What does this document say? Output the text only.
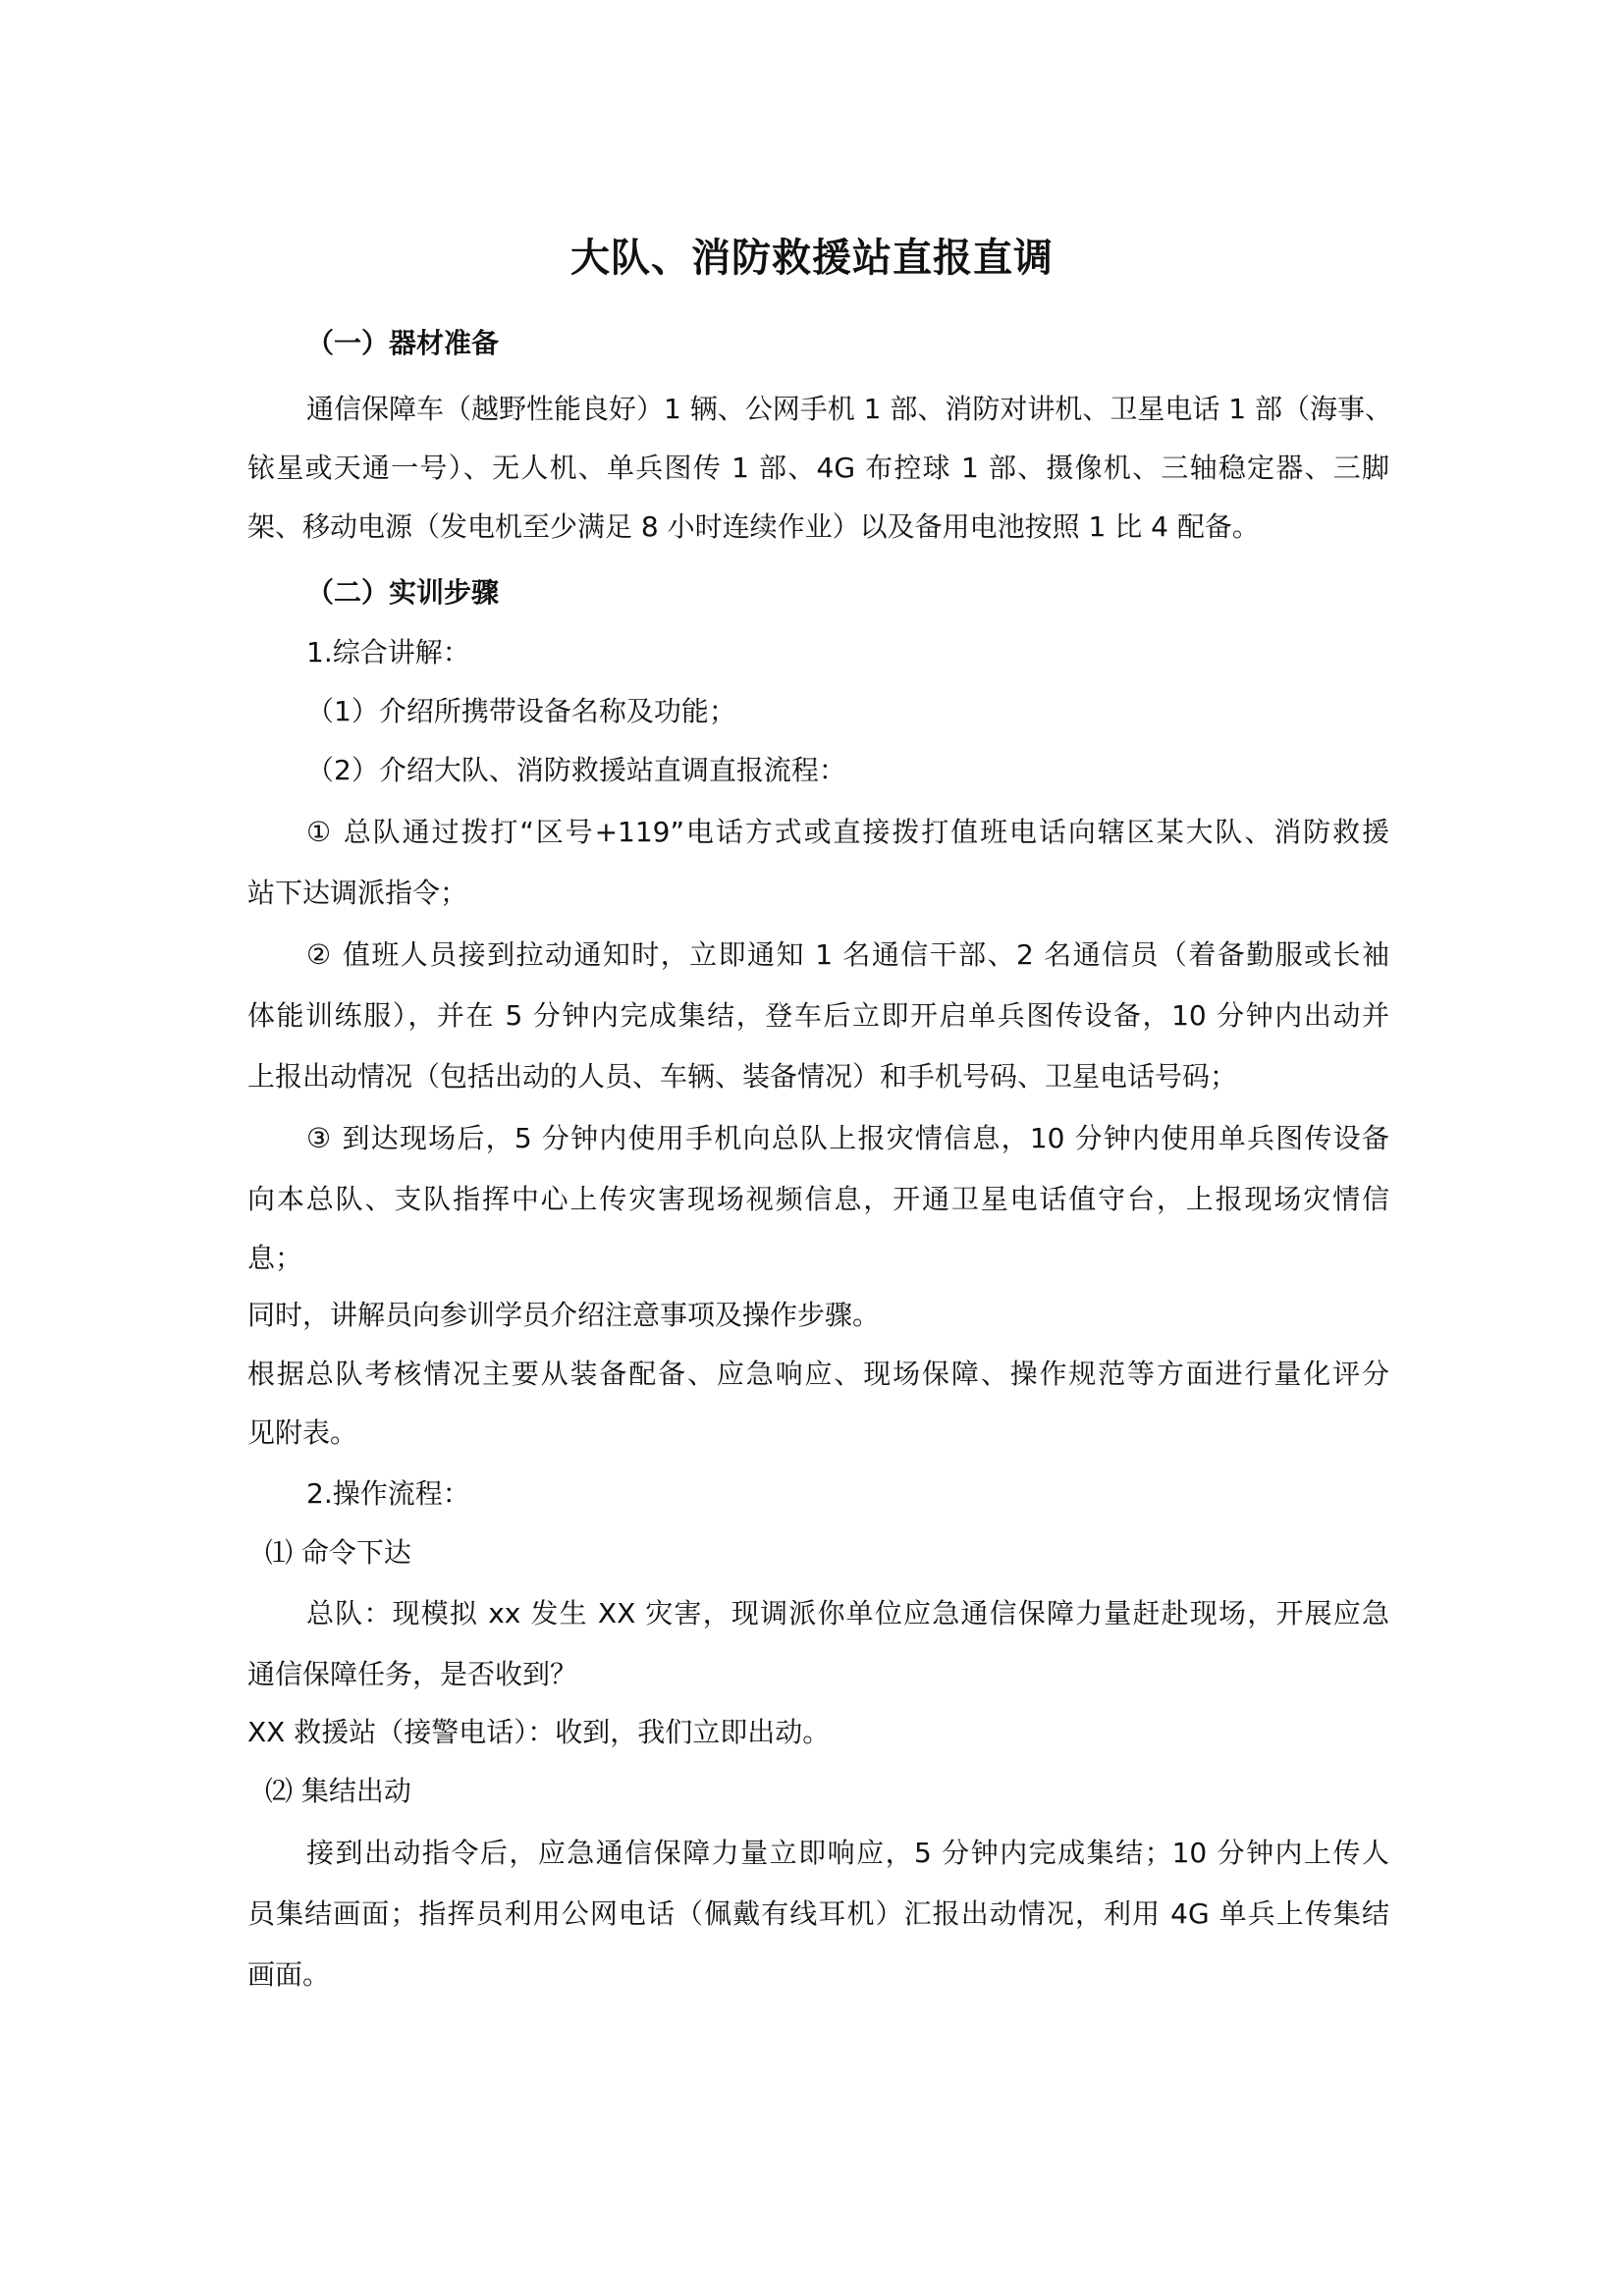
大队、消防救援站直报直调
（一）器材准备
通信保障车（越野性能良好）1 辆、公网手机 1 部、消防对讲机、卫星电话 1 部（海事、
铱星或天通一号）、无人机、单兵图传 1 部、4G 布控球 1 部、摄像机、三轴稳定器、三脚
架、移动电源（发电机至少满足 8 小时连续作业）以及备用电池按照 1 比 4 配备。
（二）实训步骤
1.综合讲解：
（1）介绍所携带设备名称及功能；
（2）介绍大队、消防救援站直调直报流程：
① 总队通过拨打“区号+119”电话方式或直接拨打值班电话向辖区某大队、消防救援
站下达调派指令；
② 值班人员接到拉动通知时，立即通知 1 名通信干部、2 名通信员（着备勤服或长袖
体能训练服），并在 5 分钟内完成集结，登车后立即开启单兵图传设备，10 分钟内出动并
上报出动情况（包括出动的人员、车辆、装备情况）和手机号码、卫星电话号码；
③ 到达现场后，5 分钟内使用手机向总队上报灾情信息，10 分钟内使用单兵图传设备
向本总队、支队指挥中心上传灾害现场视频信息，开通卫星电话值守台，上报现场灾情信
息；
同时，讲解员向参训学员介绍注意事项及操作步骤。
根据总队考核情况主要从装备配备、应急响应、现场保障、操作规范等方面进行量化评分
见附表。
2.操作流程：
⑴ 命令下达
总队：现模拟 xx 发生 XX 灾害，现调派你单位应急通信保障力量赶赴现场，开展应急
通信保障任务，是否收到？
XX 救援站（接警电话）：收到，我们立即出动。
⑵ 集结出动
接到出动指令后，应急通信保障力量立即响应，5 分钟内完成集结；10 分钟内上传人
员集结画面；指挥员利用公网电话（佩戴有线耳机）汇报出动情况，利用 4G 单兵上传集结
画面。
